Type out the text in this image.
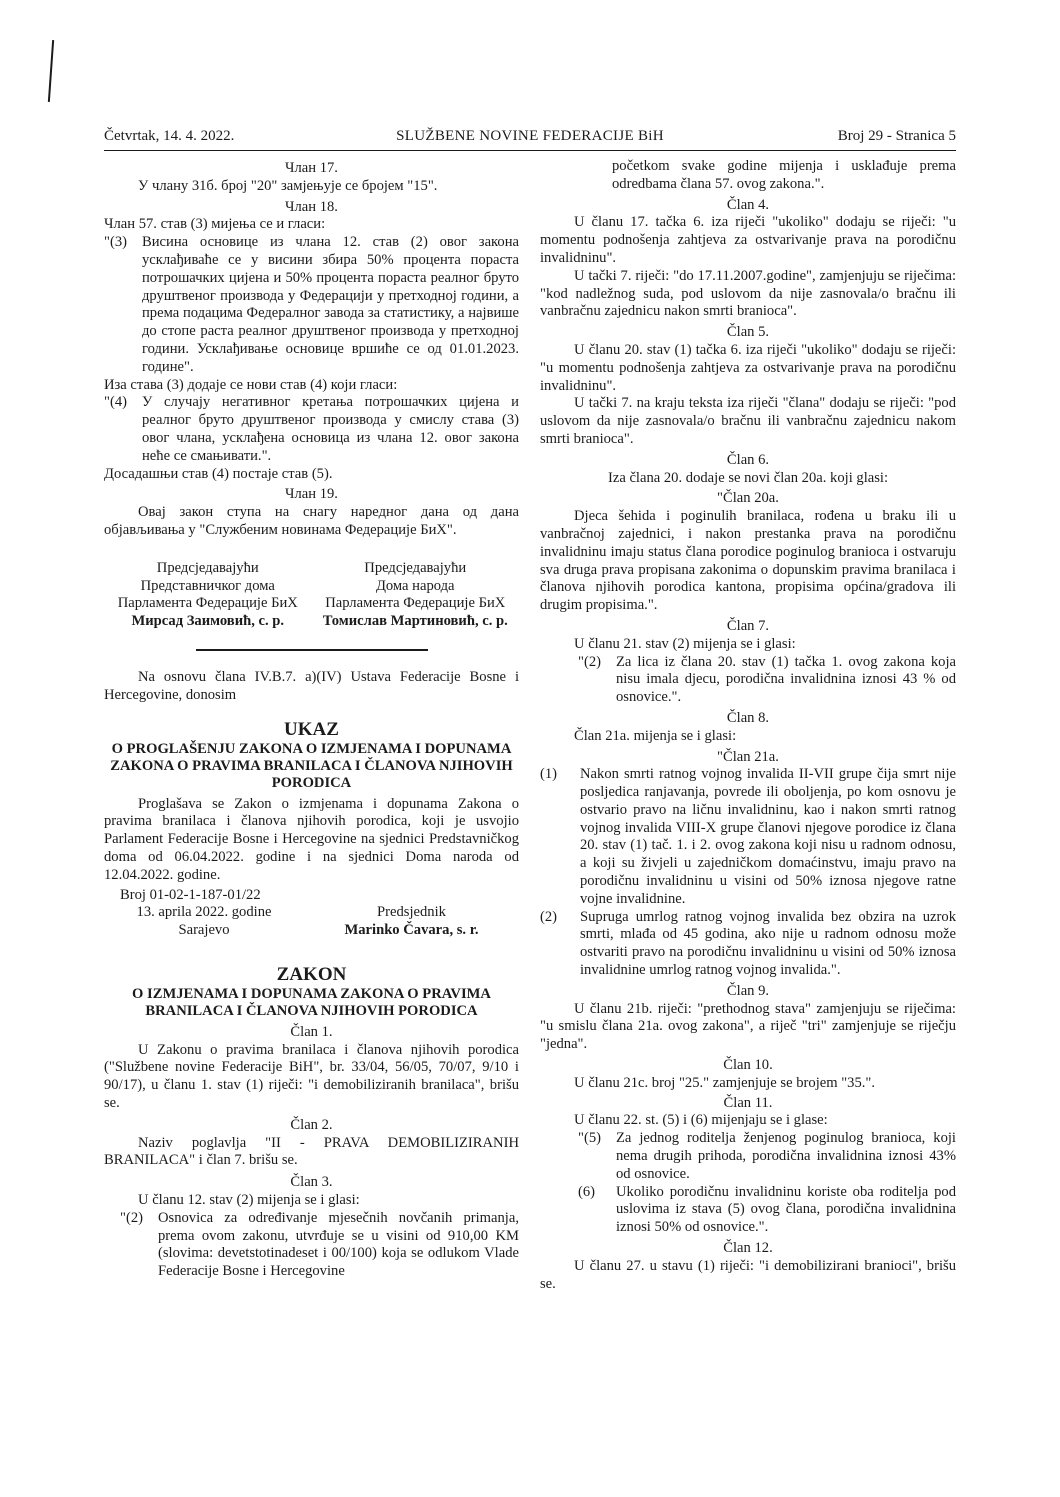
Četvrtak, 14. 4. 2022.	SLUŽBENE NOVINE FEDERACIJE BiH	Broj 29 - Stranica 5

Члан 17.

У члану 31б. број "20" замјењује се бројем "15".

Члан 18.

Члан 57. став (3) мијења се и гласи:

"(3)	Висина основице из члана 12. став (2) овог закона усклађиваће се у висини збира 50% процента пораста потрошачких цијена и 50% процента пораста реалног бруто друштвеног производа у Федерацији у претходној години, а према подацима Федералног завода за статистику, а највише до стопе раста реалног друштвеног производа у претходној години. Усклађивање основице вршиће се од 01.01.2023. године".

Иза става (3) додаје се нови став (4) који гласи:

"(4)	У случају негативног кретања потрошачких цијена и реалног бруто друштвеног производа у смислу става (3) овог члана, усклађена основица из члана 12. овог закона неће се смањивати.".

Досадашњи став (4) постаје став (5).

Члан 19.

Овај закон ступа на снагу наредног дана од дана објављивања у "Службеним новинама Федерације БиХ".

Предсједавајући

Представничког дома

Парламента Федерације БиХ

Мирсад Заимовић, с. р.

Предсједавајући

Дома народа

Парламента Федерације БиХ

Томислав Мартиновић, с. р.

Na osnovu člana IV.B.7. a)(IV) Ustava Federacije Bosne i Hercegovine, donosim

UKAZ

O PROGLAŠENJU ZAKONA O IZMJENAMA I DOPUNAMA ZAKONA O PRAVIMA BRANILACA I ČLANOVA NJIHOVIH PORODICA

Proglašava se Zakon o izmjenama i dopunama Zakona o pravima branilaca i članova njihovih porodica, koji je usvojio Parlament Federacije Bosne i Hercegovine na sjednici Predstavničkog doma od 06.04.2022. godine i na sjednici Doma naroda od 12.04.2022. godine.

Broj 01-02-1-187-01/22

13. aprila 2022. godine

Sarajevo

Predsjednik

Marinko Čavara, s. r.

ZAKON

O IZMJENAMA I DOPUNAMA ZAKONA O PRAVIMA BRANILACA I ČLANOVA NJIHOVIH PORODICA

Član 1.

U Zakonu o pravima branilaca i članova njihovih porodica ("Službene novine Federacije BiH", br. 33/04, 56/05, 70/07, 9/10 i 90/17), u članu 1. stav (1) riječi: "i demobiliziranih branilaca", brišu se.

Član 2.

Naziv poglavlja "II - PRAVA DEMOBILIZIRANIH BRANILACA" i član 7. brišu se.

Član 3.

U članu 12. stav (2) mijenja se i glasi:

"(2)	Osnovica za određivanje mjesečnih novčanih primanja, prema ovom zakonu, utvrđuje se u visini od 910,00 KM (slovima: devetstotinadeset i 00/100) koja se odlukom Vlade Federacije Bosne i Hercegovine

početkom svake godine mijenja i usklađuje prema odredbama člana 57. ovog zakona.".

Član 4.

U članu 17. tačka 6. iza riječi "ukoliko" dodaju se riječi: "u momentu podnošenja zahtjeva za ostvarivanje prava na porodičnu invalidninu".

U tački 7. riječi: "do 17.11.2007.godine", zamjenjuju se riječima: "kod nadležnog suda, pod uslovom da nije zasnovala/o bračnu ili vanbračnu zajednicu nakon smrti branioca".

Član 5.

U članu 20. stav (1) tačka 6. iza riječi "ukoliko" dodaju se riječi: "u momentu podnošenja zahtjeva za ostvarivanje prava na porodičnu invalidninu".

U tački 7. na kraju teksta iza riječi "člana" dodaju se riječi: "pod uslovom da nije zasnovala/o bračnu ili vanbračnu zajednicu nakom smrti branioca".

Član 6.

Iza člana 20. dodaje se novi član 20a. koji glasi:

"Član 20a.

Djeca šehida i poginulih branilaca, rođena u braku ili u vanbračnoj zajednici, i nakon prestanka prava na porodičnu invalidninu imaju status člana porodice poginulog branioca i ostvaruju sva druga prava propisana zakonima o dopunskim pravima branilaca i članova njihovih porodica kantona, propisima općina/gradova ili drugim propisima.".

Član 7.

U članu 21. stav (2) mijenja se i glasi:

"(2)	Za lica iz člana 20. stav (1) tačka 1. ovog zakona koja nisu imala djecu, porodična invalidnina iznosi 43 % od osnovice.".

Član 8.

Član 21a. mijenja se i glasi:

"Član 21a.

(1)	Nakon smrti ratnog vojnog invalida II-VII grupe čija smrt nije posljedica ranjavanja, povrede ili oboljenja, po kom osnovu je ostvario pravo na ličnu invalidninu, kao i nakon smrti ratnog vojnog invalida VIII-X grupe članovi njegove porodice iz člana 20. stav (1) tač. 1. i 2. ovog zakona koji nisu u radnom odnosu, a koji su živjeli u zajedničkom domaćinstvu, imaju pravo na porodičnu invalidninu u visini od 50% iznosa njegove ratne vojne invalidnine.
(2)	Supruga umrlog ratnog vojnog invalida bez obzira na uzrok smrti, mlađa od 45 godina, ako nije u radnom odnosu može ostvariti pravo na porodičnu invalidninu u visini od 50% iznosa invalidnine umrlog ratnog vojnog invalida.".

Član 9.

U članu 21b. riječi: "prethodnog stava" zamjenjuju se riječima: "u smislu člana 21a. ovog zakona", a riječ "tri" zamjenjuje se riječju "jedna".

Član 10.

U članu 21c. broj "25." zamjenjuje se brojem "35.".

Član 11.

U članu 22. st. (5) i (6) mijenjaju se i glase:

"(5)	Za jednog roditelja ženjenog poginulog branioca, koji nema drugih prihoda, porodična invalidnina iznosi 43% od osnovice.
(6)	Ukoliko porodičnu invalidninu koriste oba roditelja pod uslovima iz stava (5) ovog člana, porodična invalidnina iznosi 50% od osnovice.".

Član 12.

U članu 27. u stavu (1) riječi: "i demobilizirani branioci", brišu se.
